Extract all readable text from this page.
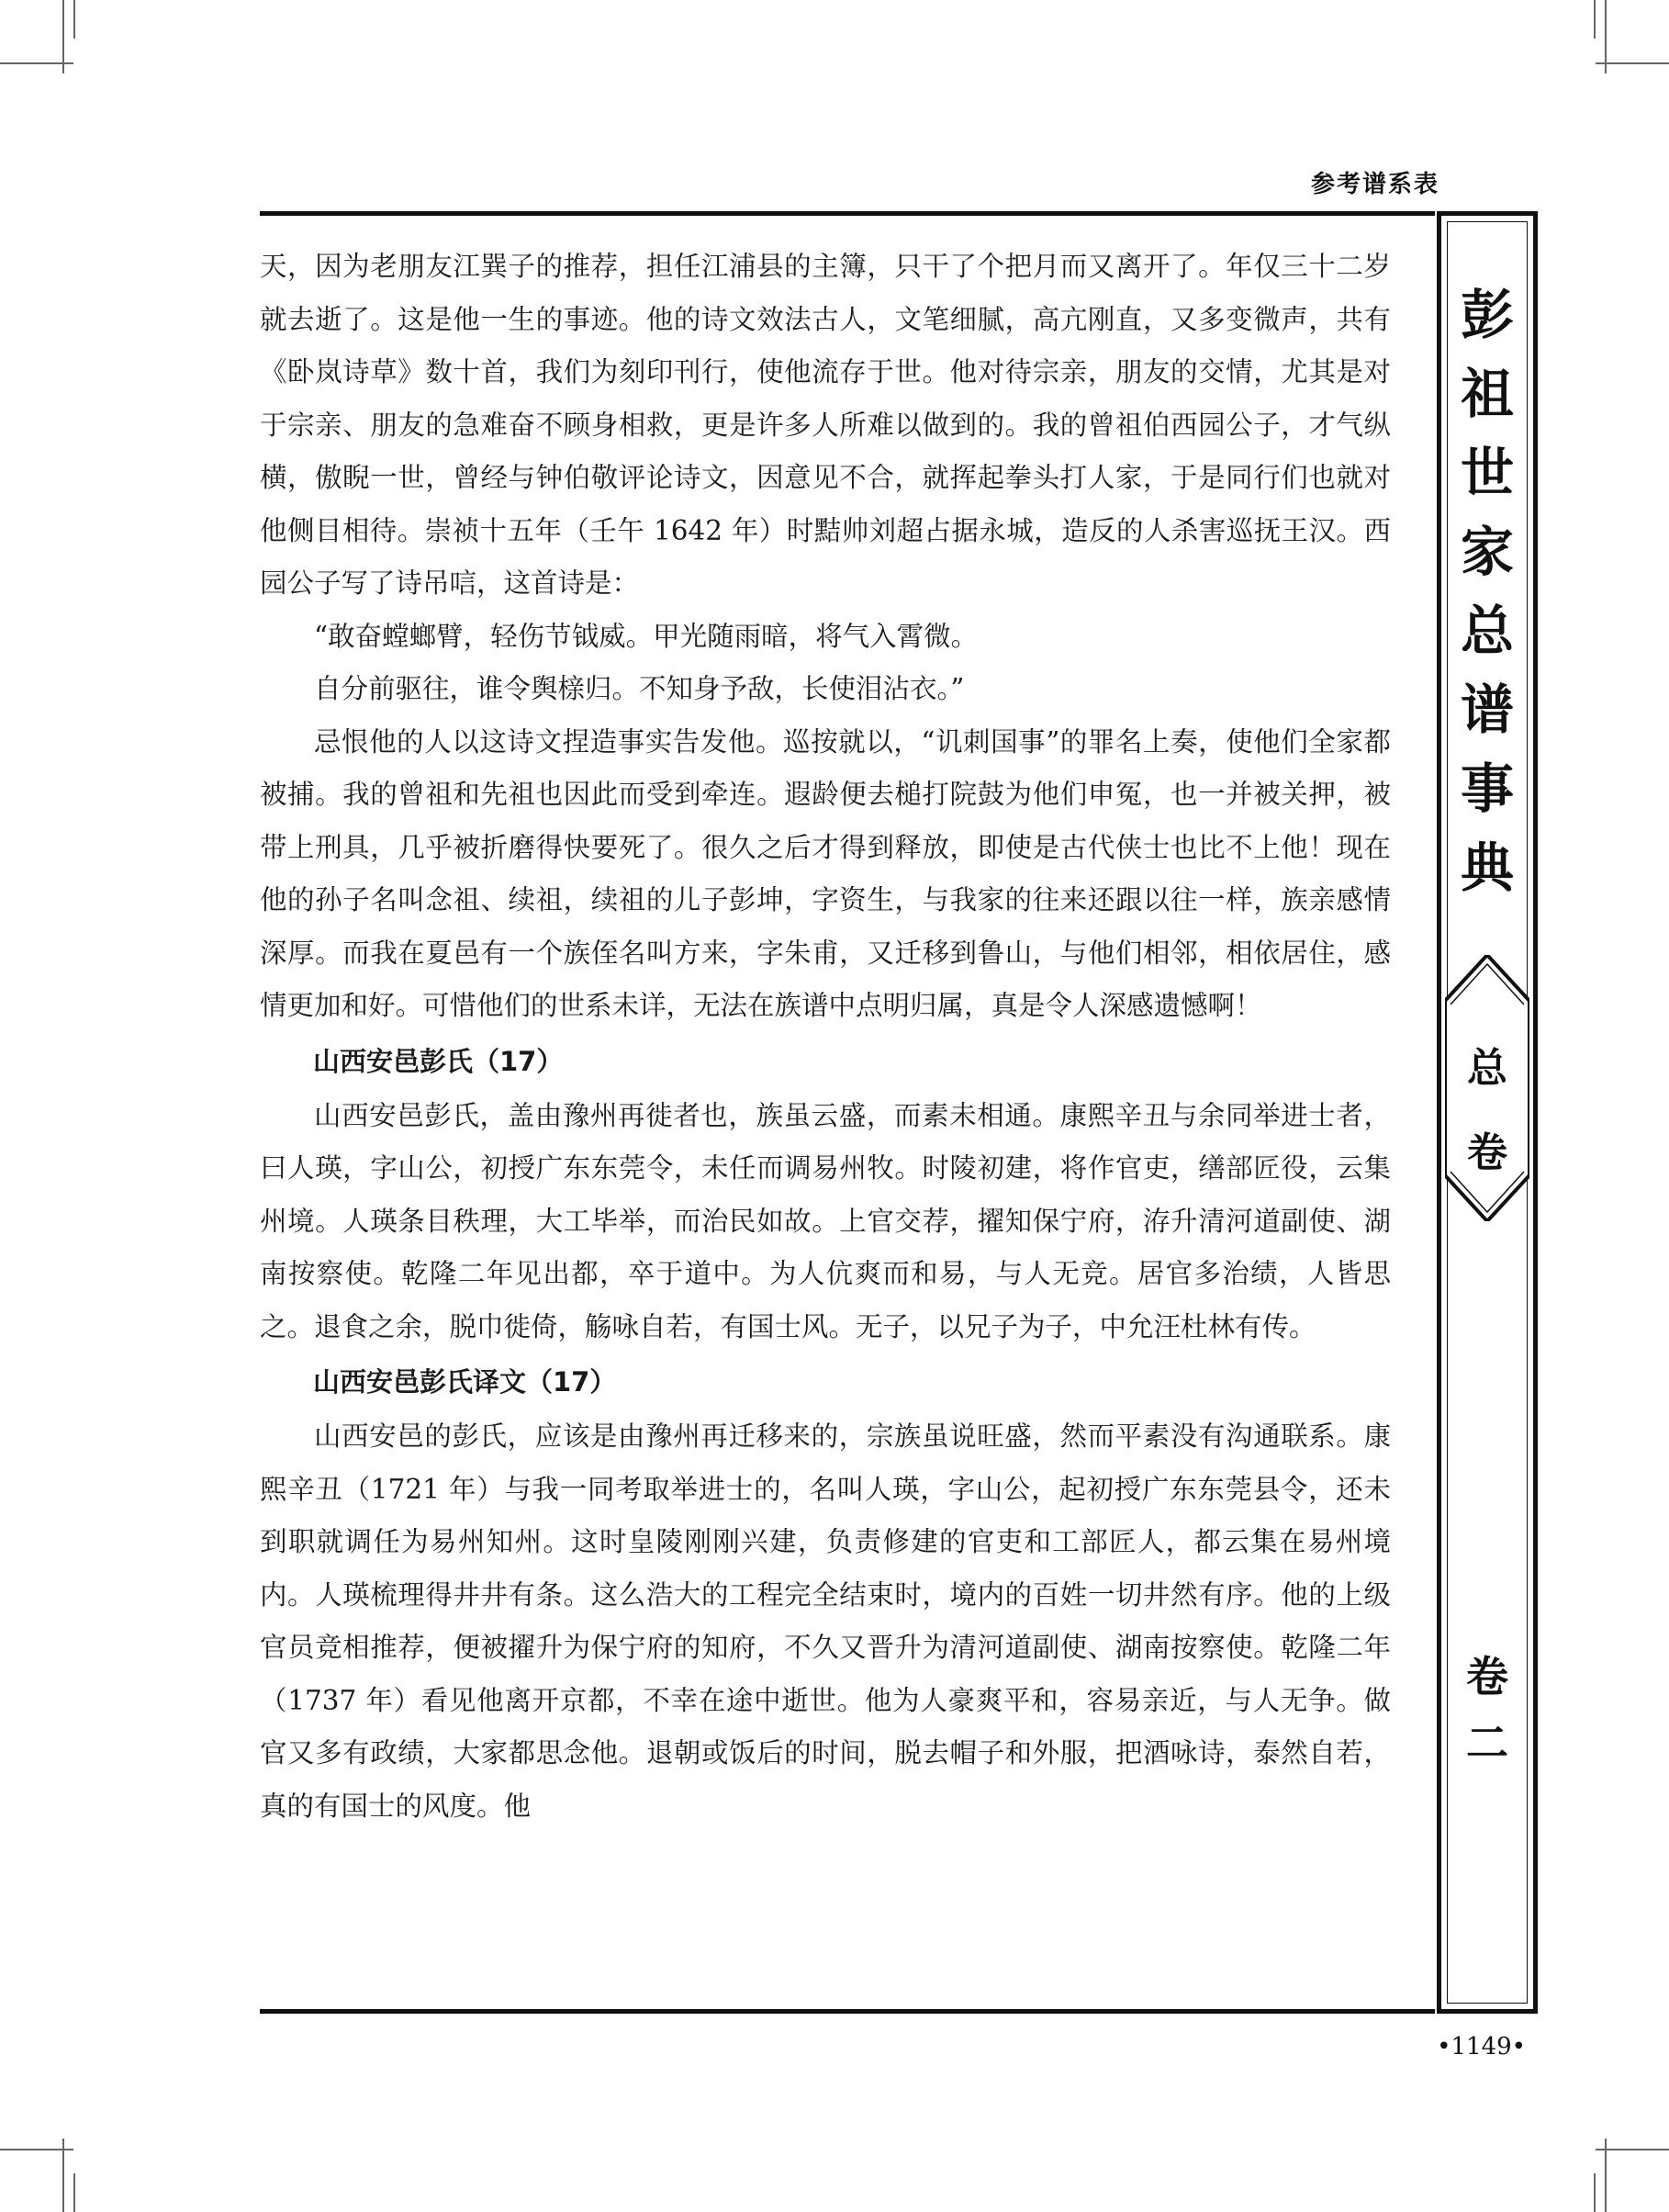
参考谱系表
彭
祖
世
家
总
谱
事
典
总
卷
卷
二

天，因为老朋友江巽子的推荐，担任江浦县的主簿，只干了个把月而又离开了。年仅三十二岁就去逝了。这是他一生的事迹。他的诗文效法古人，文笔细腻，高亢刚直，又多变微声，共有《卧岚诗草》数十首，我们为刻印刊行，使他流存于世。他对待宗亲，朋友的交情，尤其是对于宗亲、朋友的急难奋不顾身相救，更是许多人所难以做到的。我的曾祖伯西园公子，才气纵横，傲睨一世，曾经与钟伯敬评论诗文，因意见不合，就挥起拳头打人家，于是同行们也就对他侧目相待。崇祯十五年（壬午 1642 年）时黠帅刘超占据永城，造反的人杀害巡抚王汉。西园公子写了诗吊唁，这首诗是：

“敢奋螳螂臂，轻伤节钺威。甲光随雨暗，将气入霄微。

自分前驱往，谁令舆榇归。不知身予敌，长使泪沾衣。”

忌恨他的人以这诗文捏造事实告发他。巡按就以，“讥刺国事”的罪名上奏，使他们全家都被捕。我的曾祖和先祖也因此而受到牵连。遐龄便去槌打院鼓为他们申冤，也一并被关押，被带上刑具，几乎被折磨得快要死了。很久之后才得到释放，即使是古代侠士也比不上他！现在他的孙子名叫念祖、续祖，续祖的儿子彭坤，字资生，与我家的往来还跟以往一样，族亲感情深厚。而我在夏邑有一个族侄名叫方来，字朱甫，又迁移到鲁山，与他们相邻，相依居住，感情更加和好。可惜他们的世系未详，无法在族谱中点明归属，真是令人深感遗憾啊！

山西安邑彭氏（17）

山西安邑彭氏，盖由豫州再徙者也，族虽云盛，而素未相通。康熙辛丑与余同举进士者，曰人瑛，字山公，初授广东东莞令，未任而调易州牧。时陵初建，将作官吏，缮部匠役，云集州境。人瑛条目秩理，大工毕举，而治民如故。上官交荐，擢知保宁府，洊升清河道副使、湖南按察使。乾隆二年见出都，卒于道中。为人伉爽而和易，与人无竞。居官多治绩，人皆思之。退食之余，脱巾徙倚，觞咏自若，有国士风。无子，以兄子为子，中允汪杜林有传。

山西安邑彭氏译文（17）

山西安邑的彭氏，应该是由豫州再迁移来的，宗族虽说旺盛，然而平素没有沟通联系。康熙辛丑（1721 年）与我一同考取举进士的，名叫人瑛，字山公，起初授广东东莞县令，还未到职就调任为易州知州。这时皇陵刚刚兴建，负责修建的官吏和工部匠人，都云集在易州境内。人瑛梳理得井井有条。这么浩大的工程完全结束时，境内的百姓一切井然有序。他的上级官员竞相推荐，便被擢升为保宁府的知府，不久又晋升为清河道副使、湖南按察使。乾隆二年（1737 年）看见他离开京都，不幸在途中逝世。他为人豪爽平和，容易亲近，与人无争。做官又多有政绩，大家都思念他。退朝或饭后的时间，脱去帽子和外服，把酒咏诗，泰然自若，真的有国士的风度。他

•1149•
